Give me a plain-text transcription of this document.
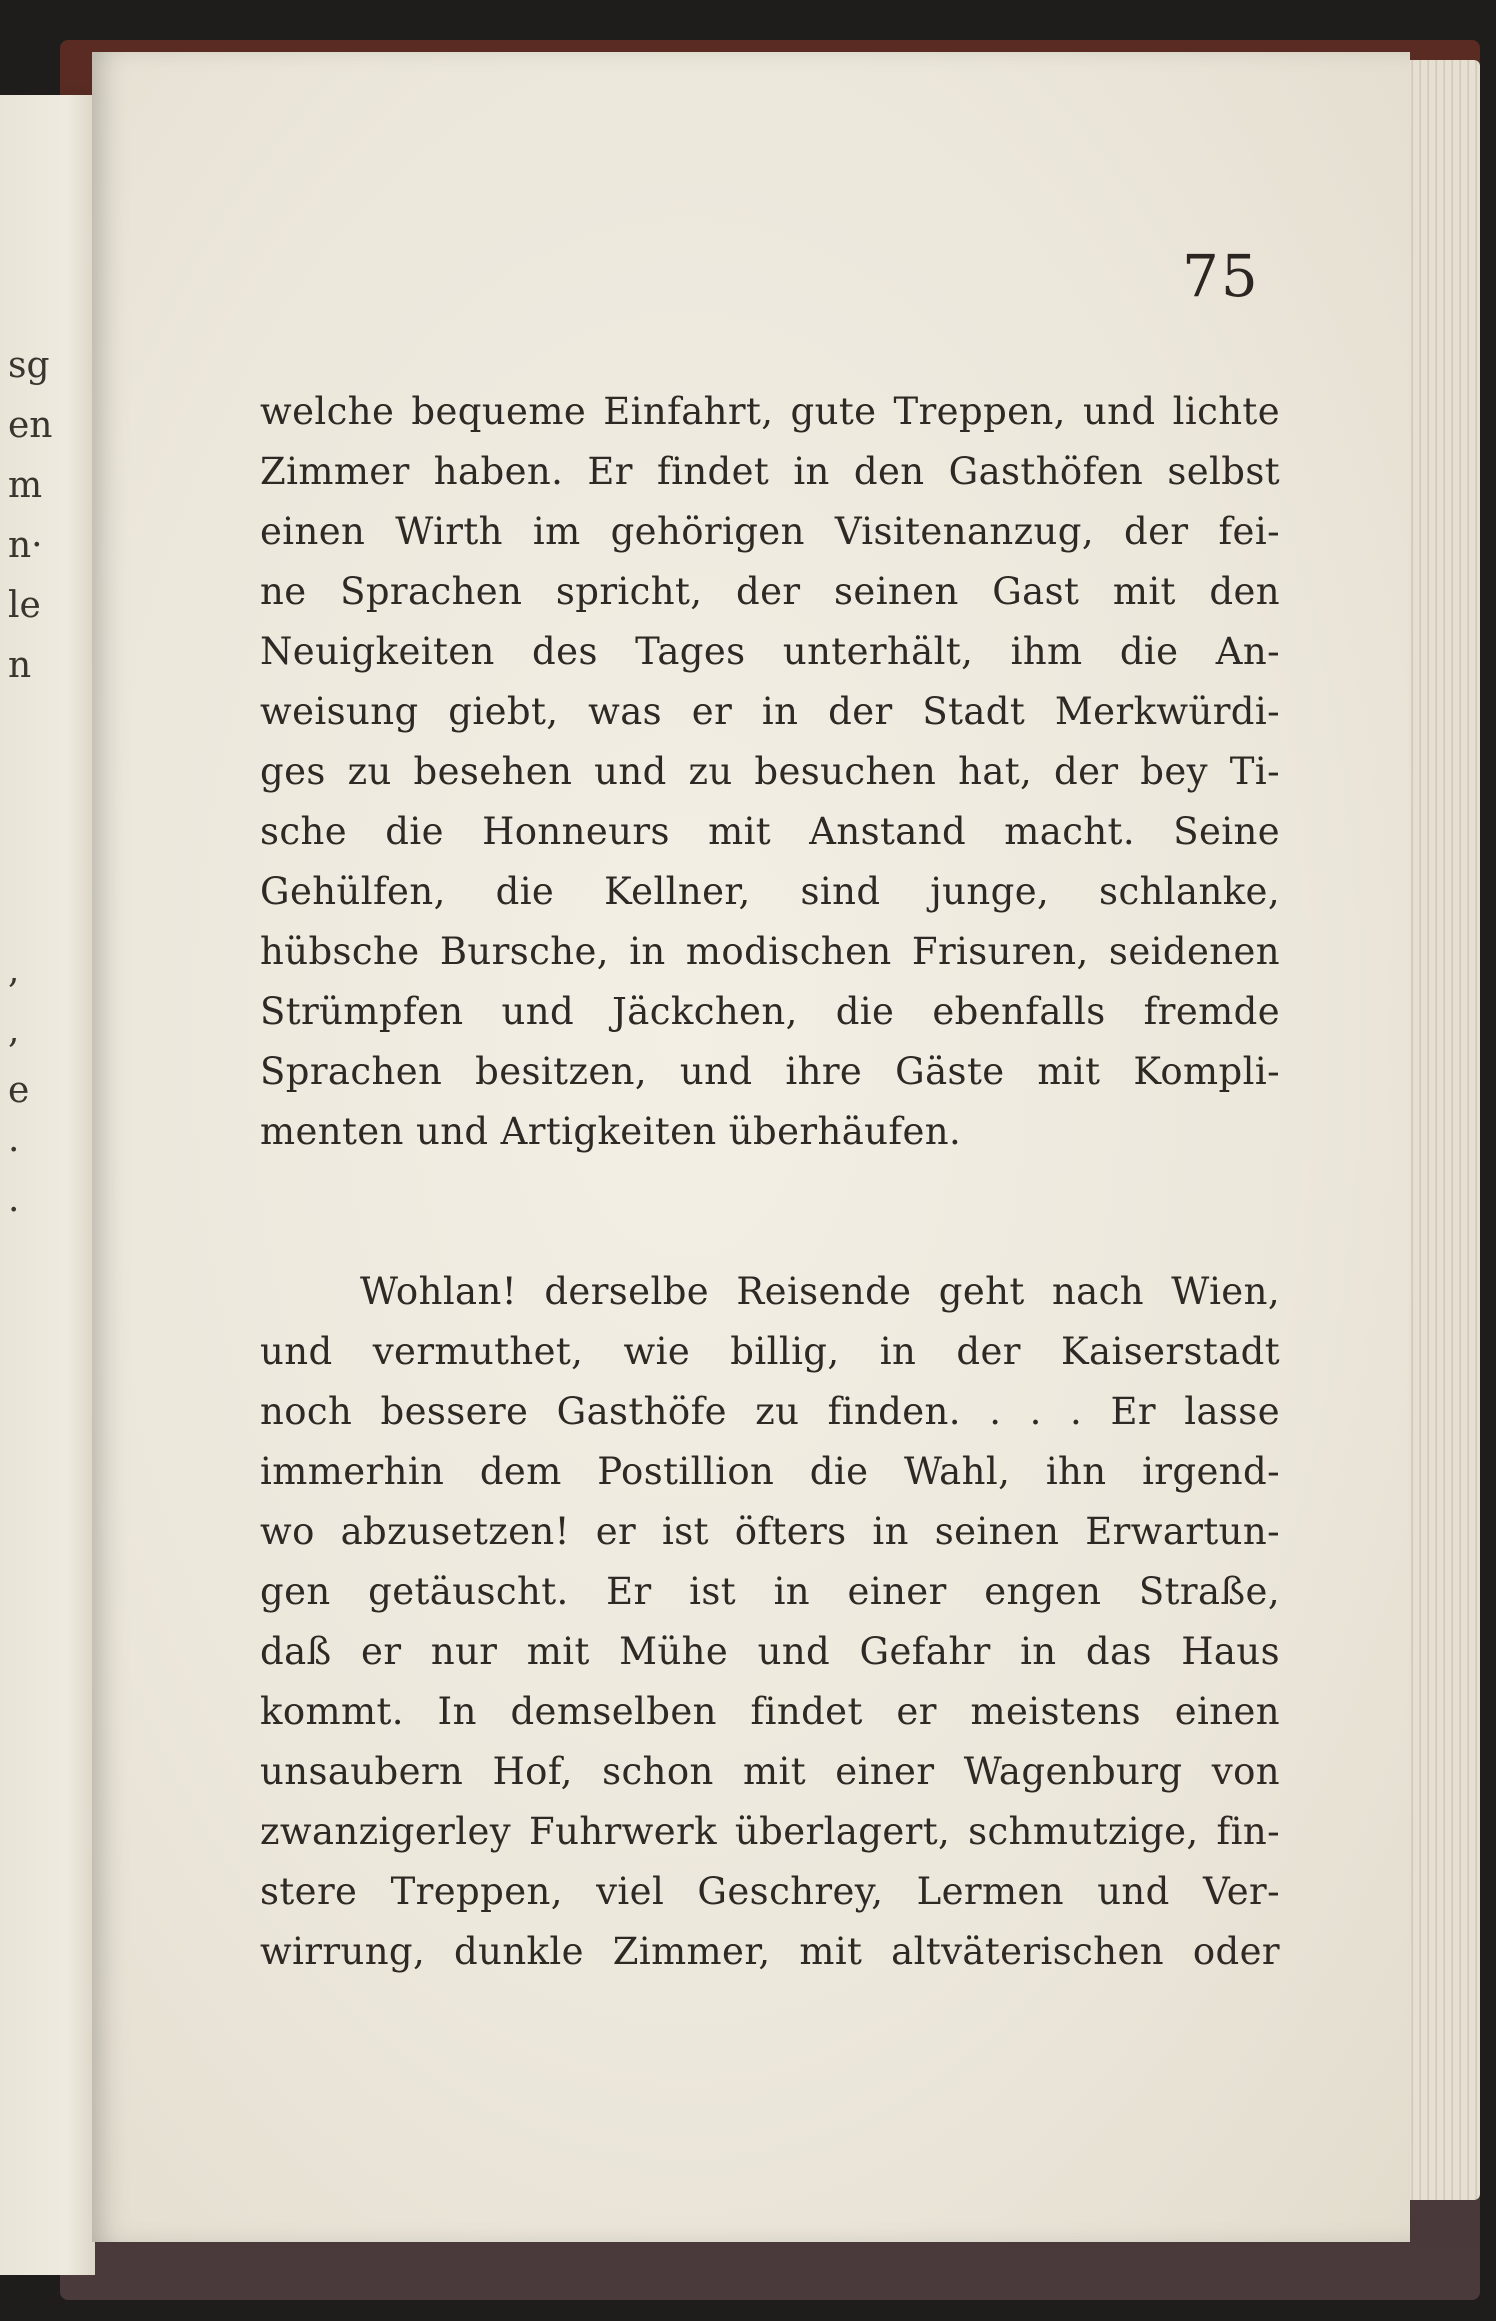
sg
en
m
n·
le
n
,
,
e
·
·
75
welche bequeme Einfahrt, gute Treppen, und lichte
Zimmer haben. Er findet in den Gasthöfen selbst
einen Wirth im gehörigen Visitenanzug, der fei-
ne Sprachen spricht, der seinen Gast mit den
Neuigkeiten des Tages unterhält, ihm die An-
weisung giebt, was er in der Stadt Merkwürdi-
ges zu besehen und zu besuchen hat, der bey Ti-
sche die Honneurs mit Anstand macht. Seine
Gehülfen, die Kellner, sind junge, schlanke,
hübsche Bursche, in modischen Frisuren, seidenen
Strümpfen und Jäckchen, die ebenfalls fremde
Sprachen besitzen, und ihre Gäste mit Kompli-
menten und Artigkeiten überhäufen.
Wohlan! derselbe Reisende geht nach Wien,
und vermuthet, wie billig, in der Kaiserstadt
noch bessere Gasthöfe zu finden. . . . Er lasse
immerhin dem Postillion die Wahl, ihn irgend-
wo abzusetzen! er ist öfters in seinen Erwartun-
gen getäuscht. Er ist in einer engen Straße,
daß er nur mit Mühe und Gefahr in das Haus
kommt. In demselben findet er meistens einen
unsaubern Hof, schon mit einer Wagenburg von
zwanzigerley Fuhrwerk überlagert, schmutzige, fin-
stere Treppen, viel Geschrey, Lermen und Ver-
wirrung, dunkle Zimmer, mit altväterischen oder
